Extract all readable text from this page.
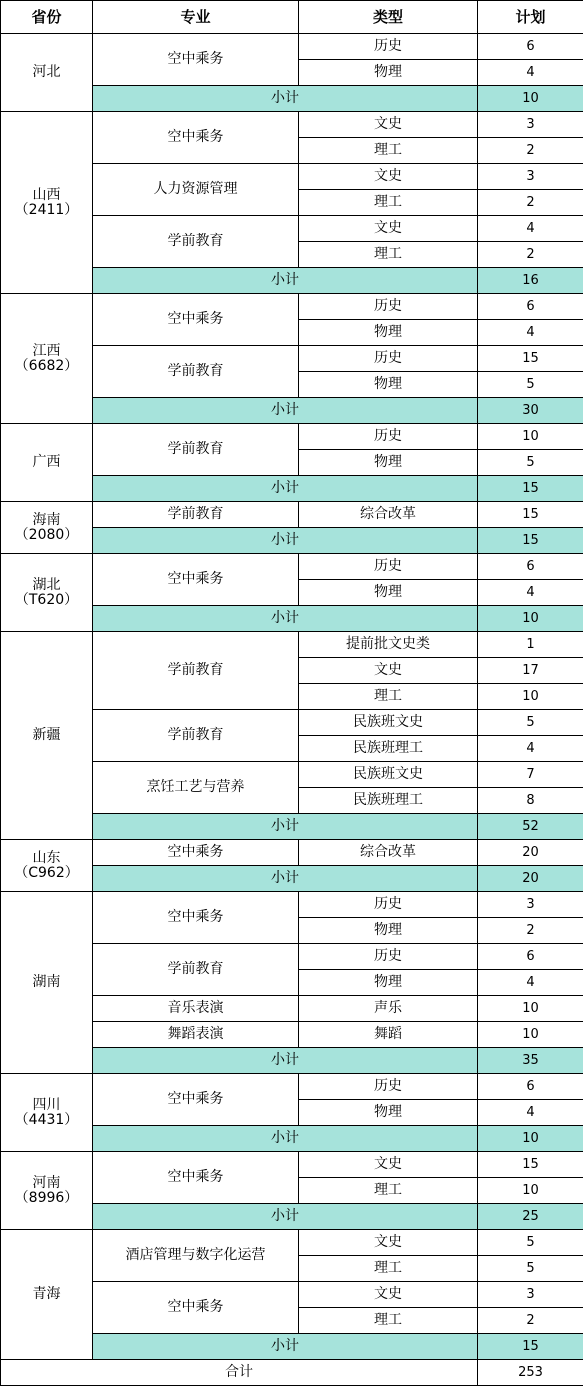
省份	专业	类型	计划

河北	空中乘务	历史	6
		物理	4
	小计		10

山西
（2411）	空中乘务	文史	3
		理工	2
	人力资源管理	文史	3
		理工	2
	学前教育	文史	4
		理工	2
	小计		16

江西
（6682）	空中乘务	历史	6
		物理	4
	学前教育	历史	15
		物理	5
	小计		30

广西	学前教育	历史	10
		物理	5
	小计		15

海南
（2080）	学前教育	综合改革	15
	小计		15

湖北
（T620）	空中乘务	历史	6
		物理	4
	小计		10

新疆	学前教育	提前批文史类	1
		文史	17
		理工	10
	学前教育	民族班文史	5
		民族班理工	4
	烹饪工艺与营养	民族班文史	7
		民族班理工	8
	小计		52

山东
（C962）	空中乘务	综合改革	20
	小计		20

湖南	空中乘务	历史	3
		物理	2
	学前教育	历史	6
		物理	4
	音乐表演	声乐	10
	舞蹈表演	舞蹈	10
	小计		35

四川
（4431）	空中乘务	历史	6
		物理	4
	小计		10

河南
（8996）	空中乘务	文史	15
		理工	10
	小计		25

青海	酒店管理与数字化运营	文史	5
		理工	5
	空中乘务	文史	3
		理工	2
	小计		15
合计			253
